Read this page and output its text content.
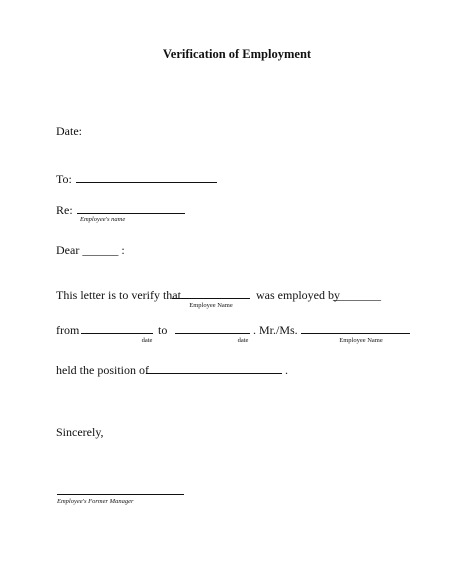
Verification of Employment
Date:
To:
Re:
Employee's name
Dear ______ :
This letter is to verify that
Employee Name
was employed by
________
from
date
to
date
. Mr./Ms.
Employee Name
held the position of	.
Sincerely,
Employee's Former Manager
